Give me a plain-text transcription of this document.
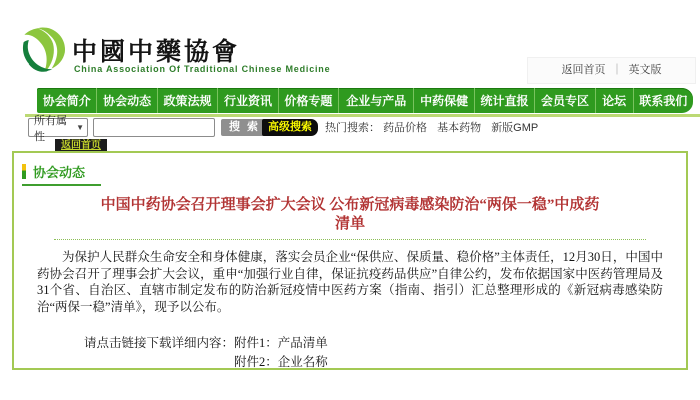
中國中藥協會
China Association Of Traditional Chinese Medicine	返回首页 ｜ 英文版
协会简介	协会动态	政策法规	行业资讯	价格专题	企业与产品	中药保健	统计直报	会员专区	论坛	联系我们
所有属性
▼	搜 索 高级搜索	热门搜索： 药品价格 基本药物 新版GMP
返回首页
协会动态
中国中药协会召开理事会扩大会议 公布新冠病毒感染防治“两保一稳”中成药清单
为保护人民群众生命安全和身体健康，落实会员企业“保供应、保质量、稳价格”主体责任，12月30日，中国中药协会召开了理事会扩大会议，重申“加强行业自律，保证抗疫药品供应”自律公约，发布依据国家中医药管理局及31个省、自治区、直辖市制定发布的防治新冠疫情中医药方案（指南、指引）汇总整理形成的《新冠病毒感染防治“两保一稳”清单》，现予以公布。
请点击链接下载详细内容： 附件1：产品清单
附件2：企业名称
